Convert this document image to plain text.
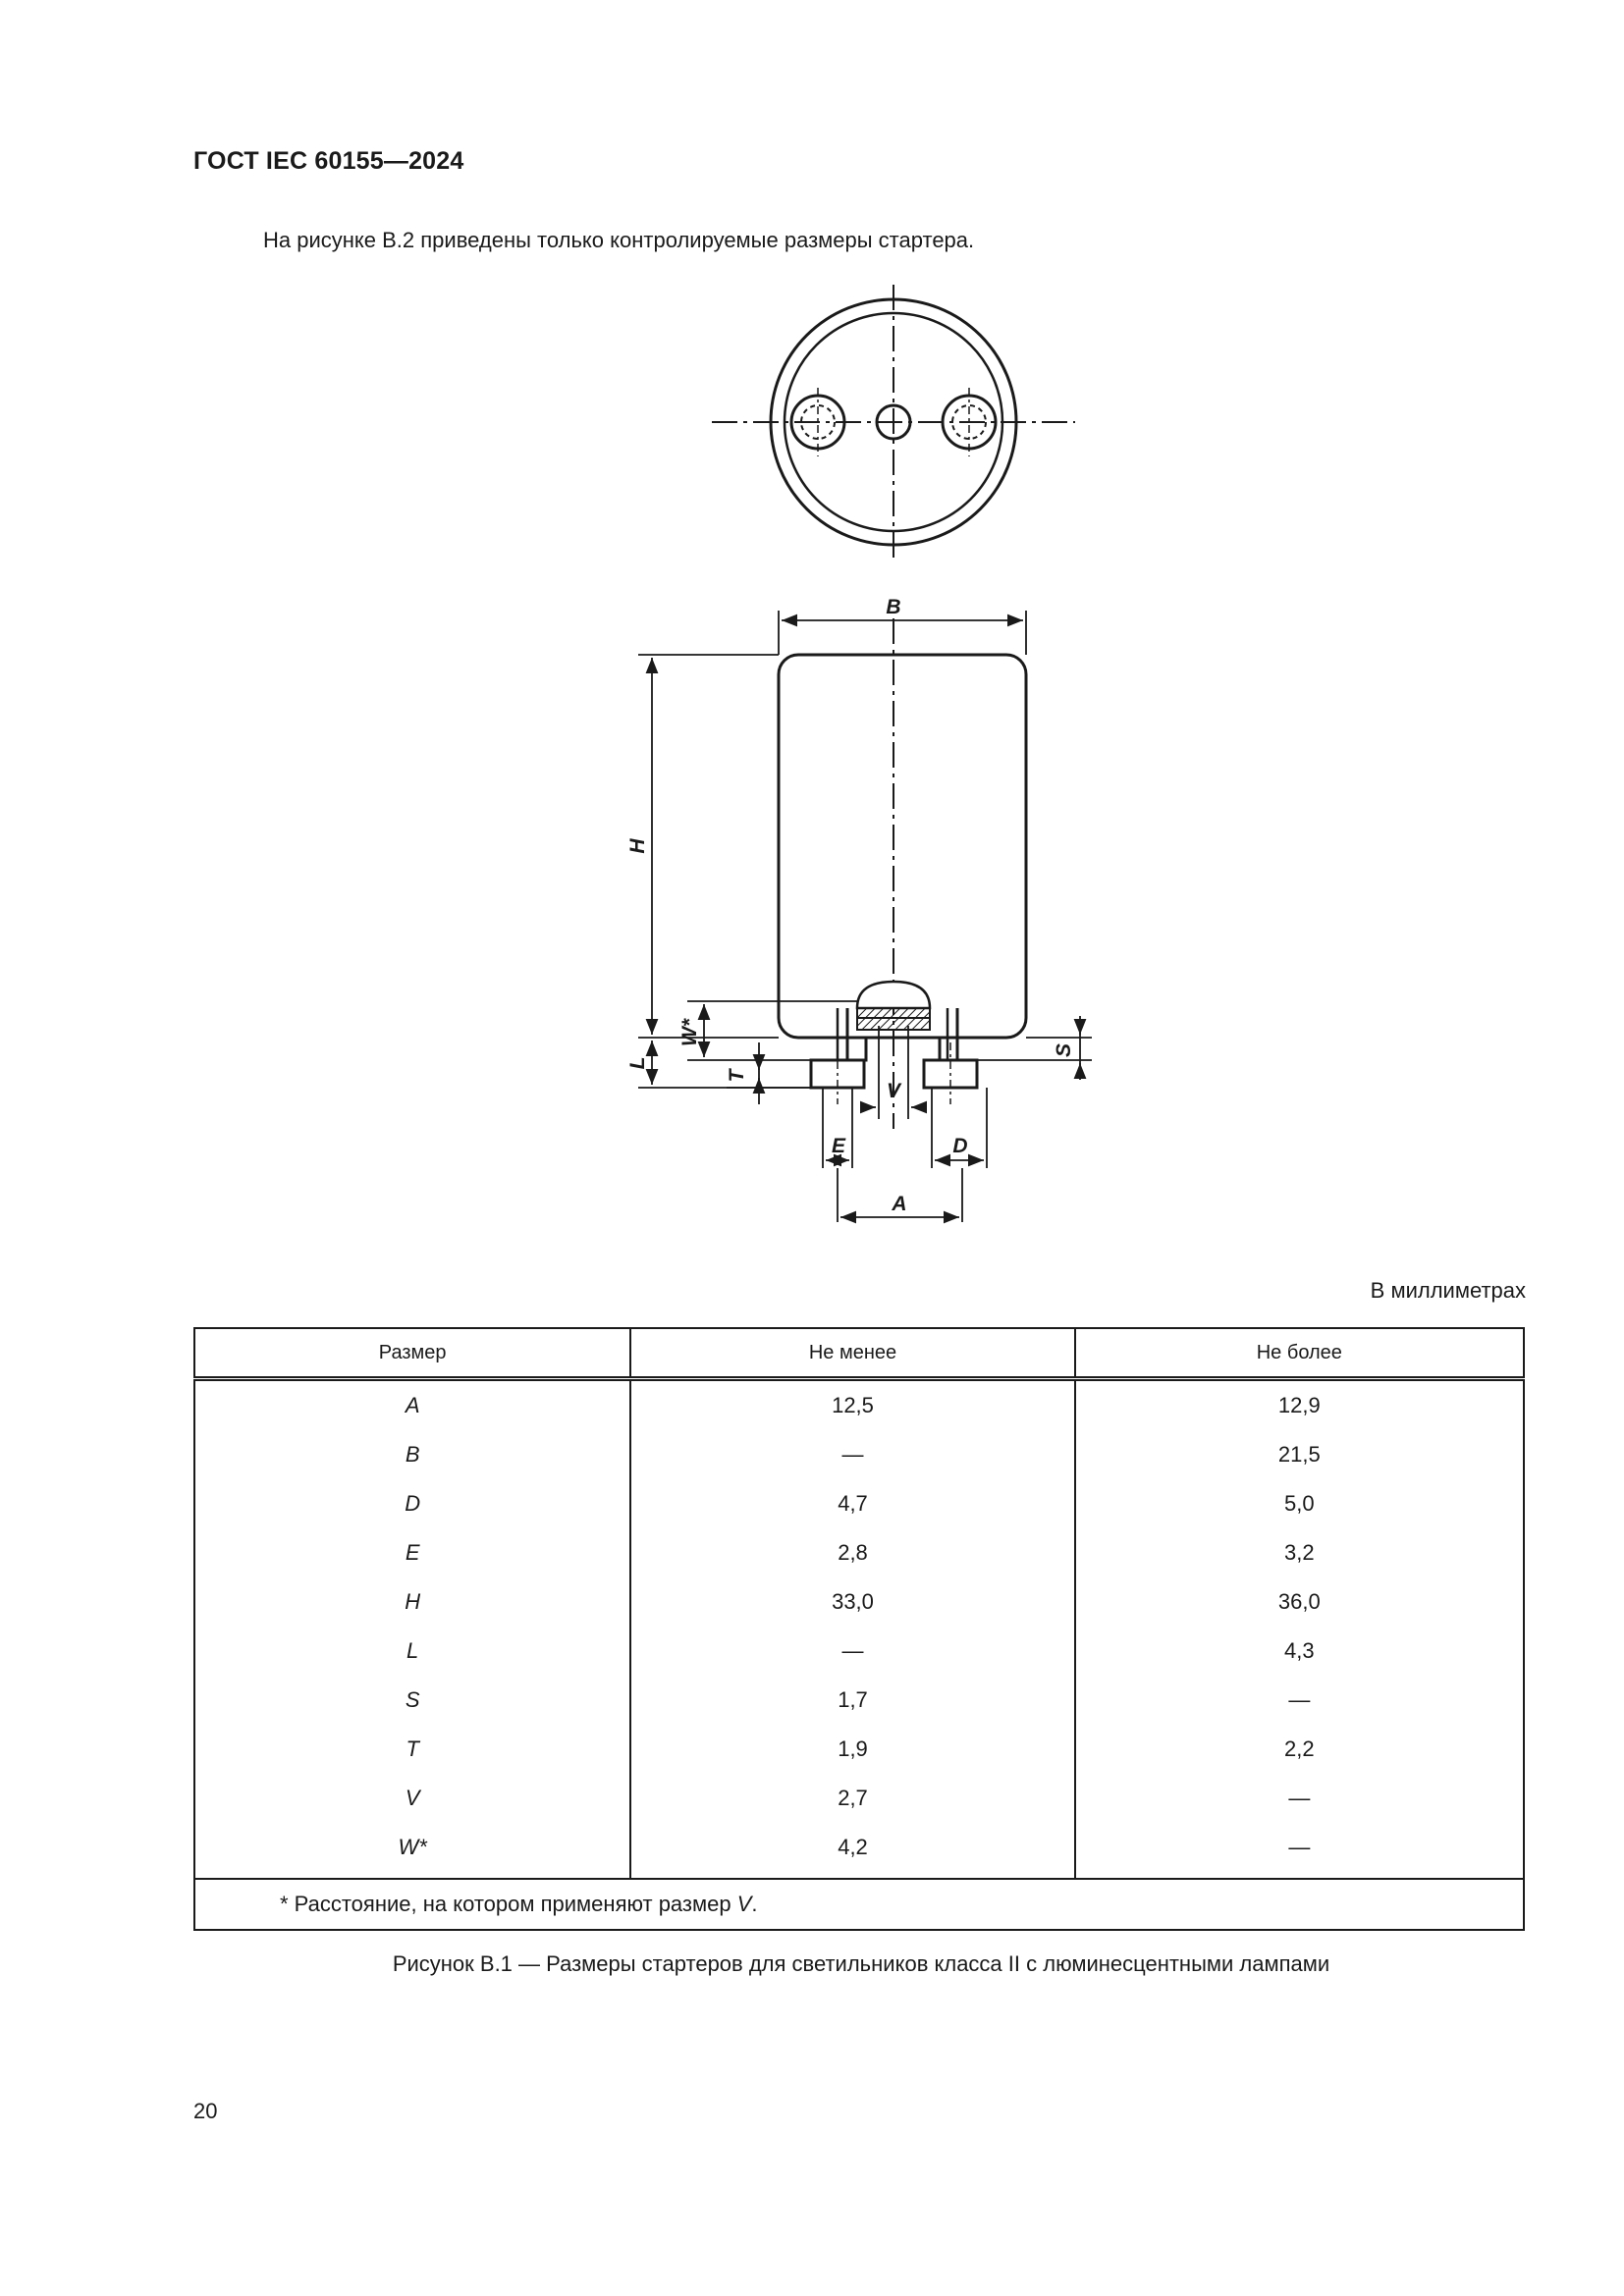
ГОСТ IEC 60155—2024
На рисунке В.2 приведены только контролируемые размеры стартера.
B
H
L
W*
T
S
V
E	D
A
В миллиметрах
Размер	Не менее	Не более
A	12,5	12,9
B	—	21,5
D	4,7	5,0
E	2,8	3,2
H	33,0	36,0
L	—	4,3
S	1,7	—
T	1,9	2,2
V	2,7	—
W*	4,2	—
* Расстояние, на котором применяют размер V.		
Рисунок В.1 — Размеры стартеров для светильников класса II с люминесцентными лампами
20
